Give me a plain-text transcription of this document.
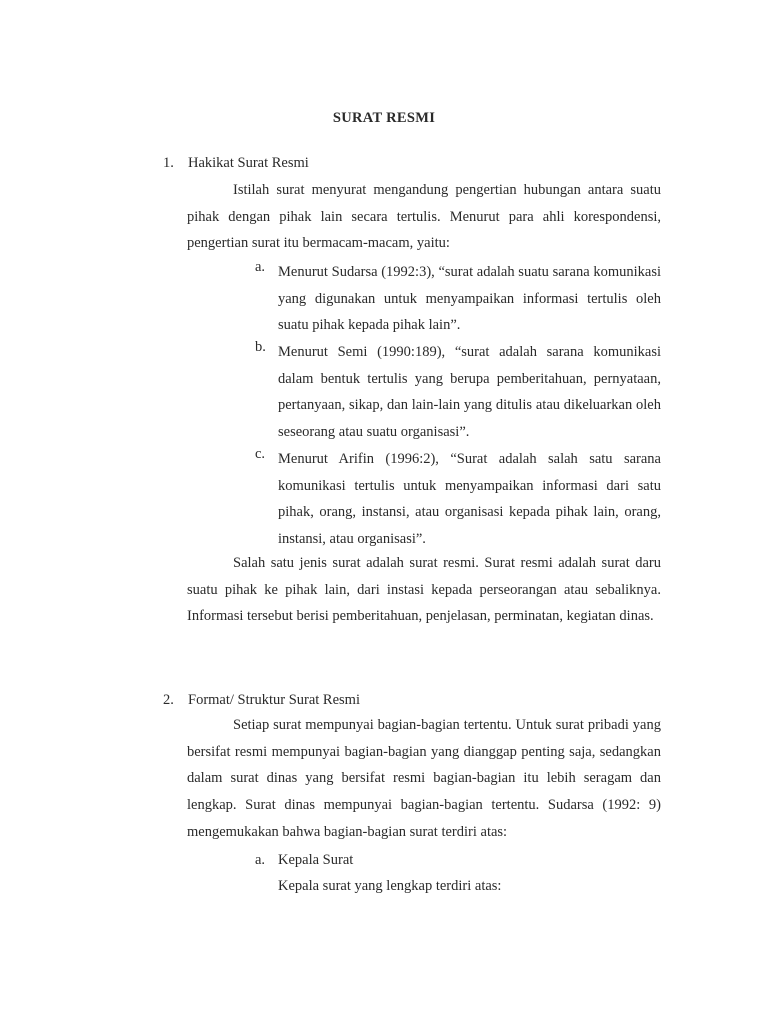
SURAT RESMI
1. Hakikat Surat Resmi
Istilah surat menyurat mengandung pengertian hubungan antara suatu pihak dengan pihak lain secara tertulis. Menurut para ahli korespondensi, pengertian surat itu bermacam-macam, yaitu:
a. Menurut Sudarsa (1992:3), “surat adalah suatu sarana komunikasi yang digunakan untuk menyampaikan informasi tertulis oleh suatu pihak kepada pihak lain”.
b. Menurut Semi (1990:189), “surat adalah sarana komunikasi dalam bentuk tertulis yang berupa pemberitahuan, pernyataan, pertanyaan, sikap, dan lain-lain yang ditulis atau dikeluarkan oleh seseorang atau suatu organisasi”.
c. Menurut Arifin (1996:2), “Surat adalah salah satu sarana komunikasi tertulis untuk menyampaikan informasi dari satu pihak, orang, instansi, atau organisasi kepada pihak lain, orang, instansi, atau organisasi”.
Salah satu jenis surat adalah surat resmi. Surat resmi adalah surat daru suatu pihak ke pihak lain, dari instasi kepada perseorangan atau sebaliknya. Informasi tersebut berisi pemberitahuan, penjelasan, perminatan, kegiatan dinas.
2. Format/ Struktur Surat Resmi
Setiap surat mempunyai bagian-bagian tertentu. Untuk surat pribadi yang bersifat resmi mempunyai bagian-bagian yang dianggap penting saja, sedangkan dalam surat dinas yang bersifat resmi bagian-bagian itu lebih seragam dan lengkap. Surat dinas mempunyai bagian-bagian tertentu. Sudarsa (1992: 9) mengemukakan bahwa bagian-bagian surat terdiri atas:
a. Kepala Surat
Kepala surat yang lengkap terdiri atas:
